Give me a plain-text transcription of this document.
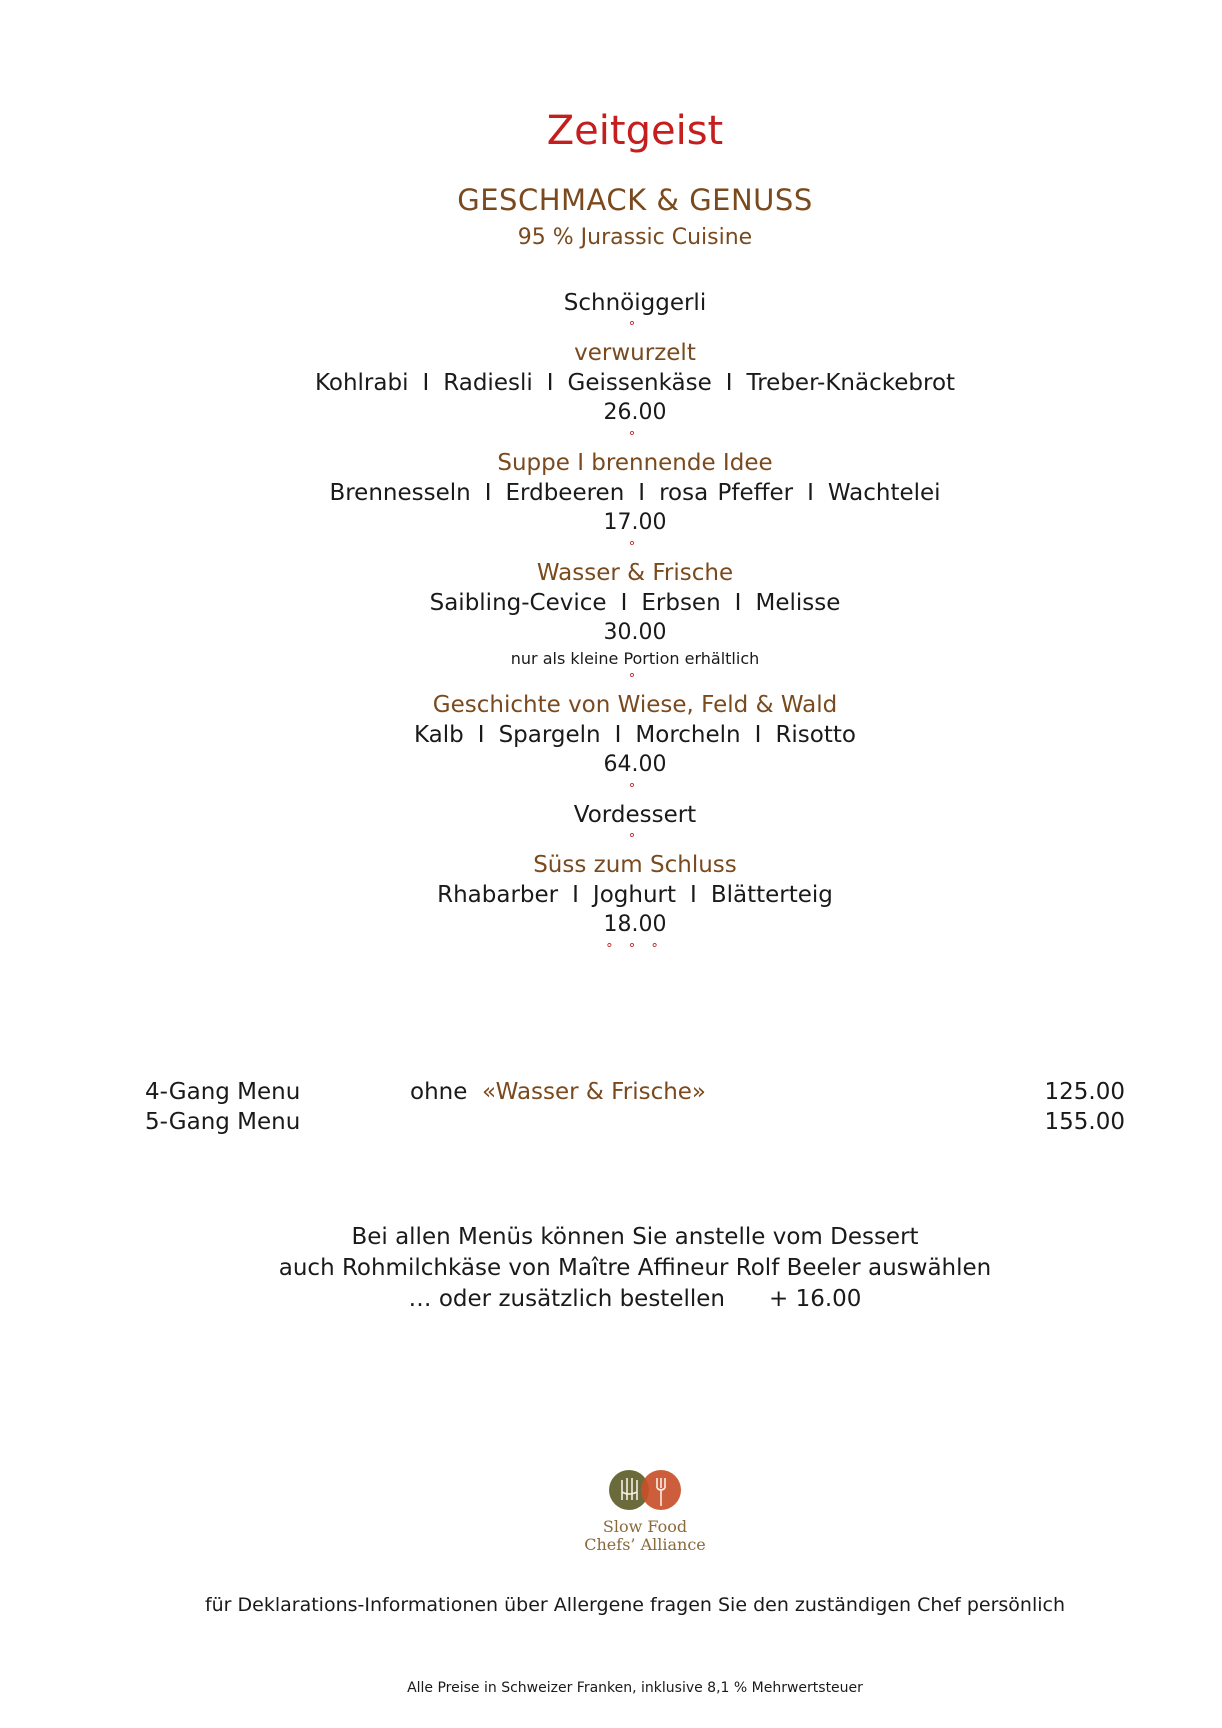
Zeitgeist
GESCHMACK & GENUSS
95 % Jurassic Cuisine
Schnöiggerli
°
verwurzelt
Kohlrabi I Radiesli I Geissenkäse I Treber-Knäckebrot
26.00
°
Suppe I brennende Idee
Brennesseln I Erdbeeren I rosa Pfeffer I Wachtelei
17.00
°
Wasser & Frische
Saibling-Cevice I Erbsen I Melisse
30.00
nur als kleine Portion erhältlich
°
Geschichte von Wiese, Feld & Wald
Kalb I Spargeln I Morcheln I Risotto
64.00
°
Vordessert
°
Süss zum Schluss
Rhabarber I Joghurt I Blätterteig
18.00
° ° °
4-Gang Menu	ohne «Wasser & Frische»	125.00
5-Gang Menu	155.00
Bei allen Menüs können Sie anstelle vom Dessert
auch Rohmilchkäse von Maître Affineur Rolf Beeler auswählen
… oder zusätzlich bestellen + 16.00
Slow Food
Chefs’ Alliance
für Deklarations-Informationen über Allergene fragen Sie den zuständigen Chef persönlich
Alle Preise in Schweizer Franken, inklusive 8,1 % Mehrwertsteuer
